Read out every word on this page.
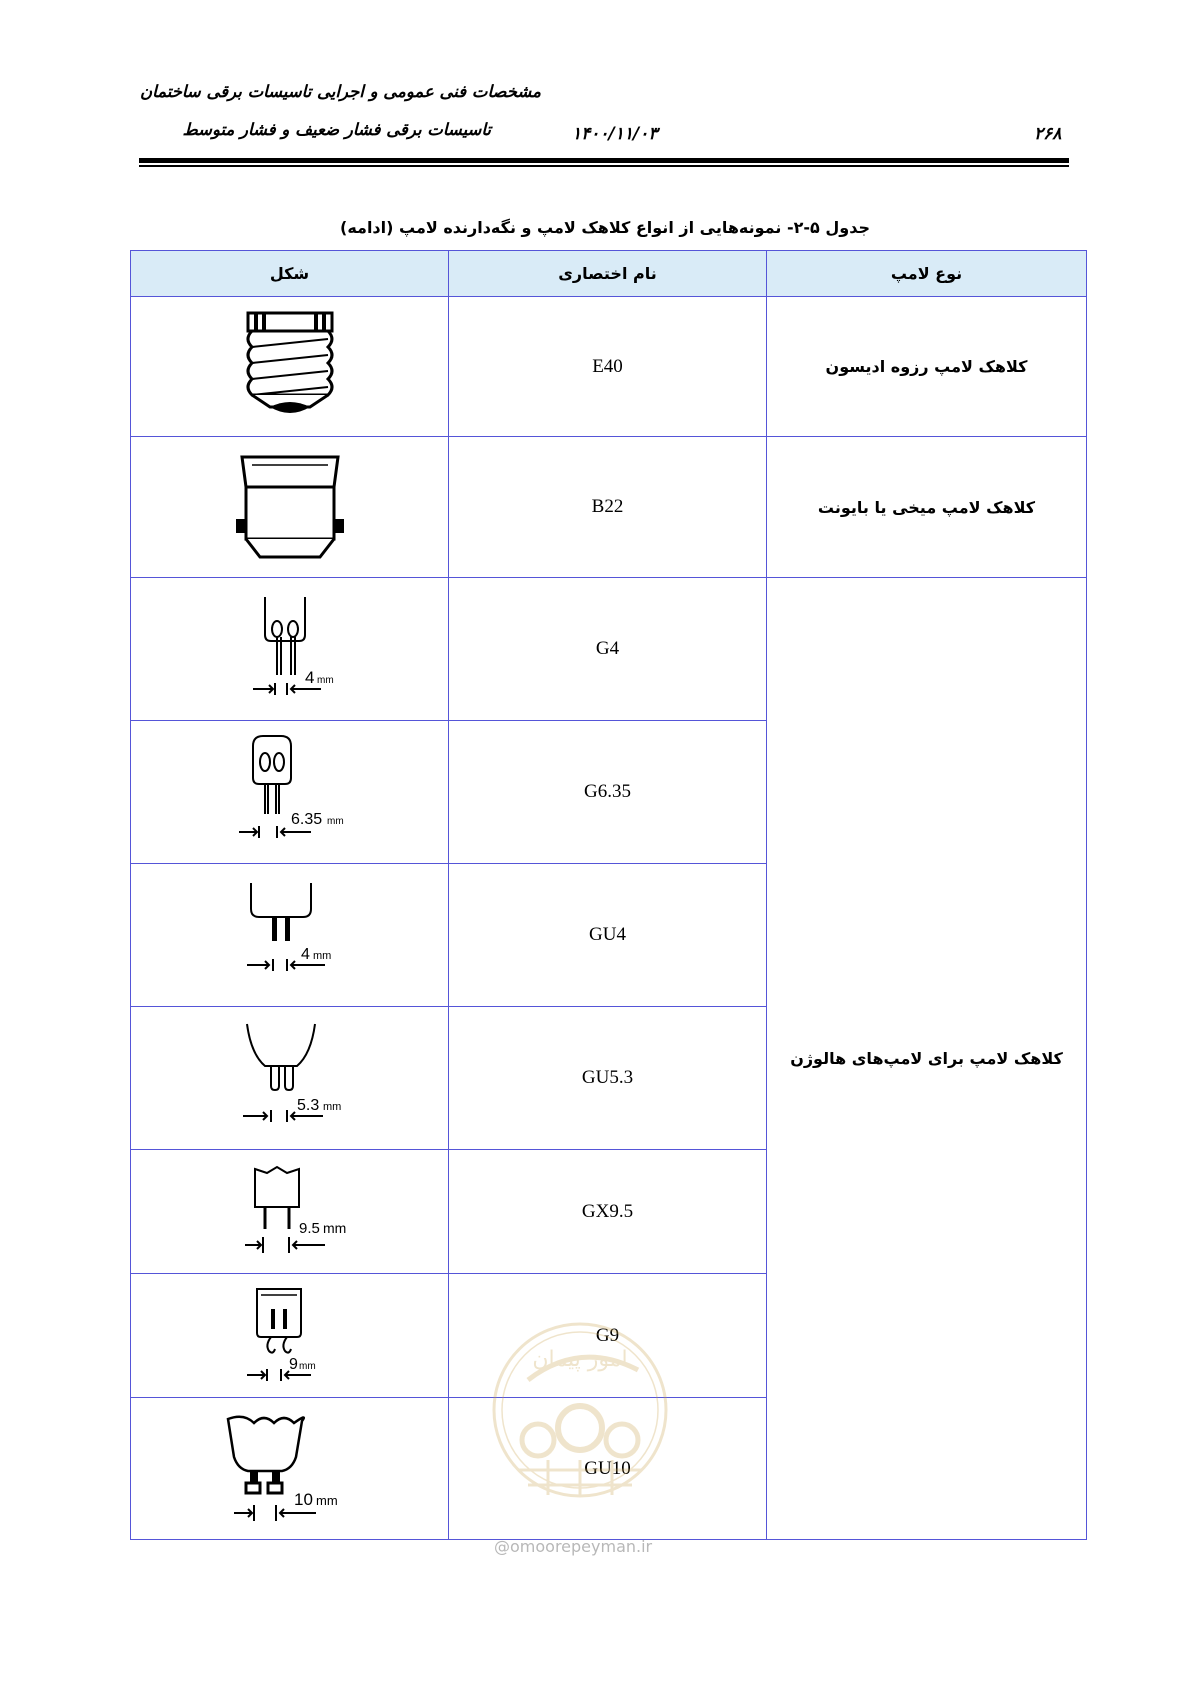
مشخصات فنی عمومی و اجرایی تاسیسات برقی ساختمان
تاسیسات برقی فشار ضعیف و فشار متوسط	۱۴۰۰/۱۱/۰۳	۲۶۸
جدول ۵-۲- نمونه‌هایی از انواع کلاهک لامپ و نگه‌دارنده لامپ (ادامه)
شکل	نام اختصاری	نوع لامپ

	E40	کلاهک لامپ رزوه ادیسون

	B22	کلاهک لامپ میخی یا بایونت

4 mm	G4	کلاهک لامپ برای لامپ‌های هالوژن

6.35 mm	G6.35	

4 mm	GU4	

5.3 mm	GU5.3	

9.5 mm	GX9.5	

9 mm	G9	

10 mm	GU10	
امور پیمان
@omoorepeyman.ir
